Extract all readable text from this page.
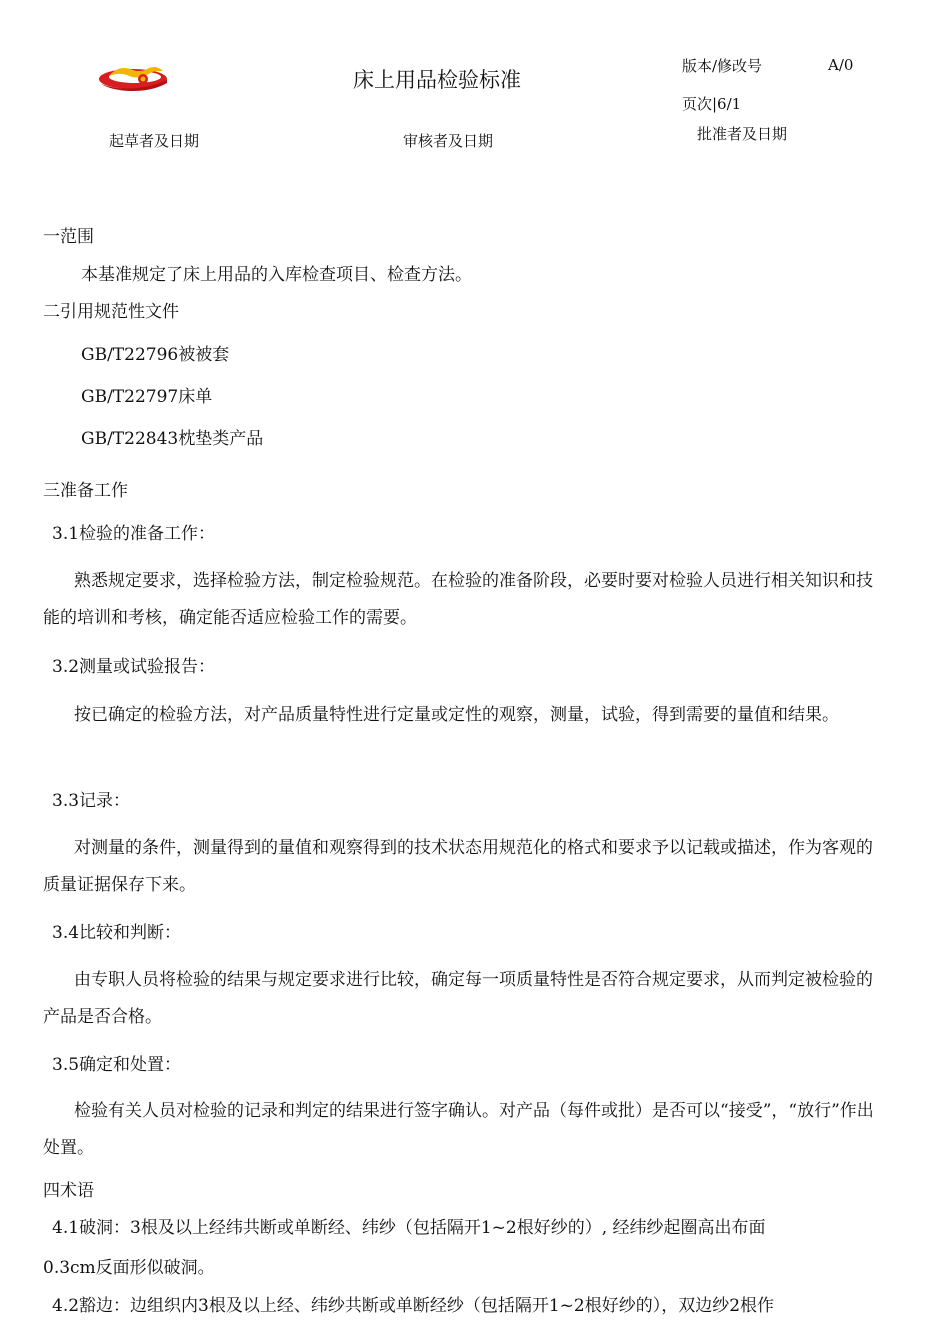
床上用品检验标准
版本/修改号	A/0
页次|6/1
起草者及日期	审核者及日期	批准者及日期
一范围
本基准规定了床上用品的入库检查项目、检查方法。
二引用规范性文件
GB/T22796被被套
GB/T22797床单
GB/T22843枕垫类产品
三准备工作
3.1检验的准备工作：
熟悉规定要求，选择检验方法，制定检验规范。在检验的准备阶段，必要时要对检验人员进行相关知识和技能的培训和考核，确定能否适应检验工作的需要。
3.2测量或试验报告：
按已确定的检验方法，对产品质量特性进行定量或定性的观察，测量，试验，得到需要的量值和结果。
3.3记录：
对测量的条件，测量得到的量值和观察得到的技术状态用规范化的格式和要求予以记载或描述，作为客观的质量证据保存下来。
3.4比较和判断：
由专职人员将检验的结果与规定要求进行比较，确定每一项质量特性是否符合规定要求，从而判定被检验的产品是否合格。
3.5确定和处置：
检验有关人员对检验的记录和判定的结果进行签字确认。对产品（每件或批）是否可以“接受”，“放行”作出处置。
四术语
4.1破洞：3根及以上经纬共断或单断经、纬纱（包括隔开1~2根好纱的）, 经纬纱起圈高出布面
0.3cm反面形似破洞。
4.2豁边：边组织内3根及以上经、纬纱共断或单断经纱（包括隔开1~2根好纱的），双边纱2根作
